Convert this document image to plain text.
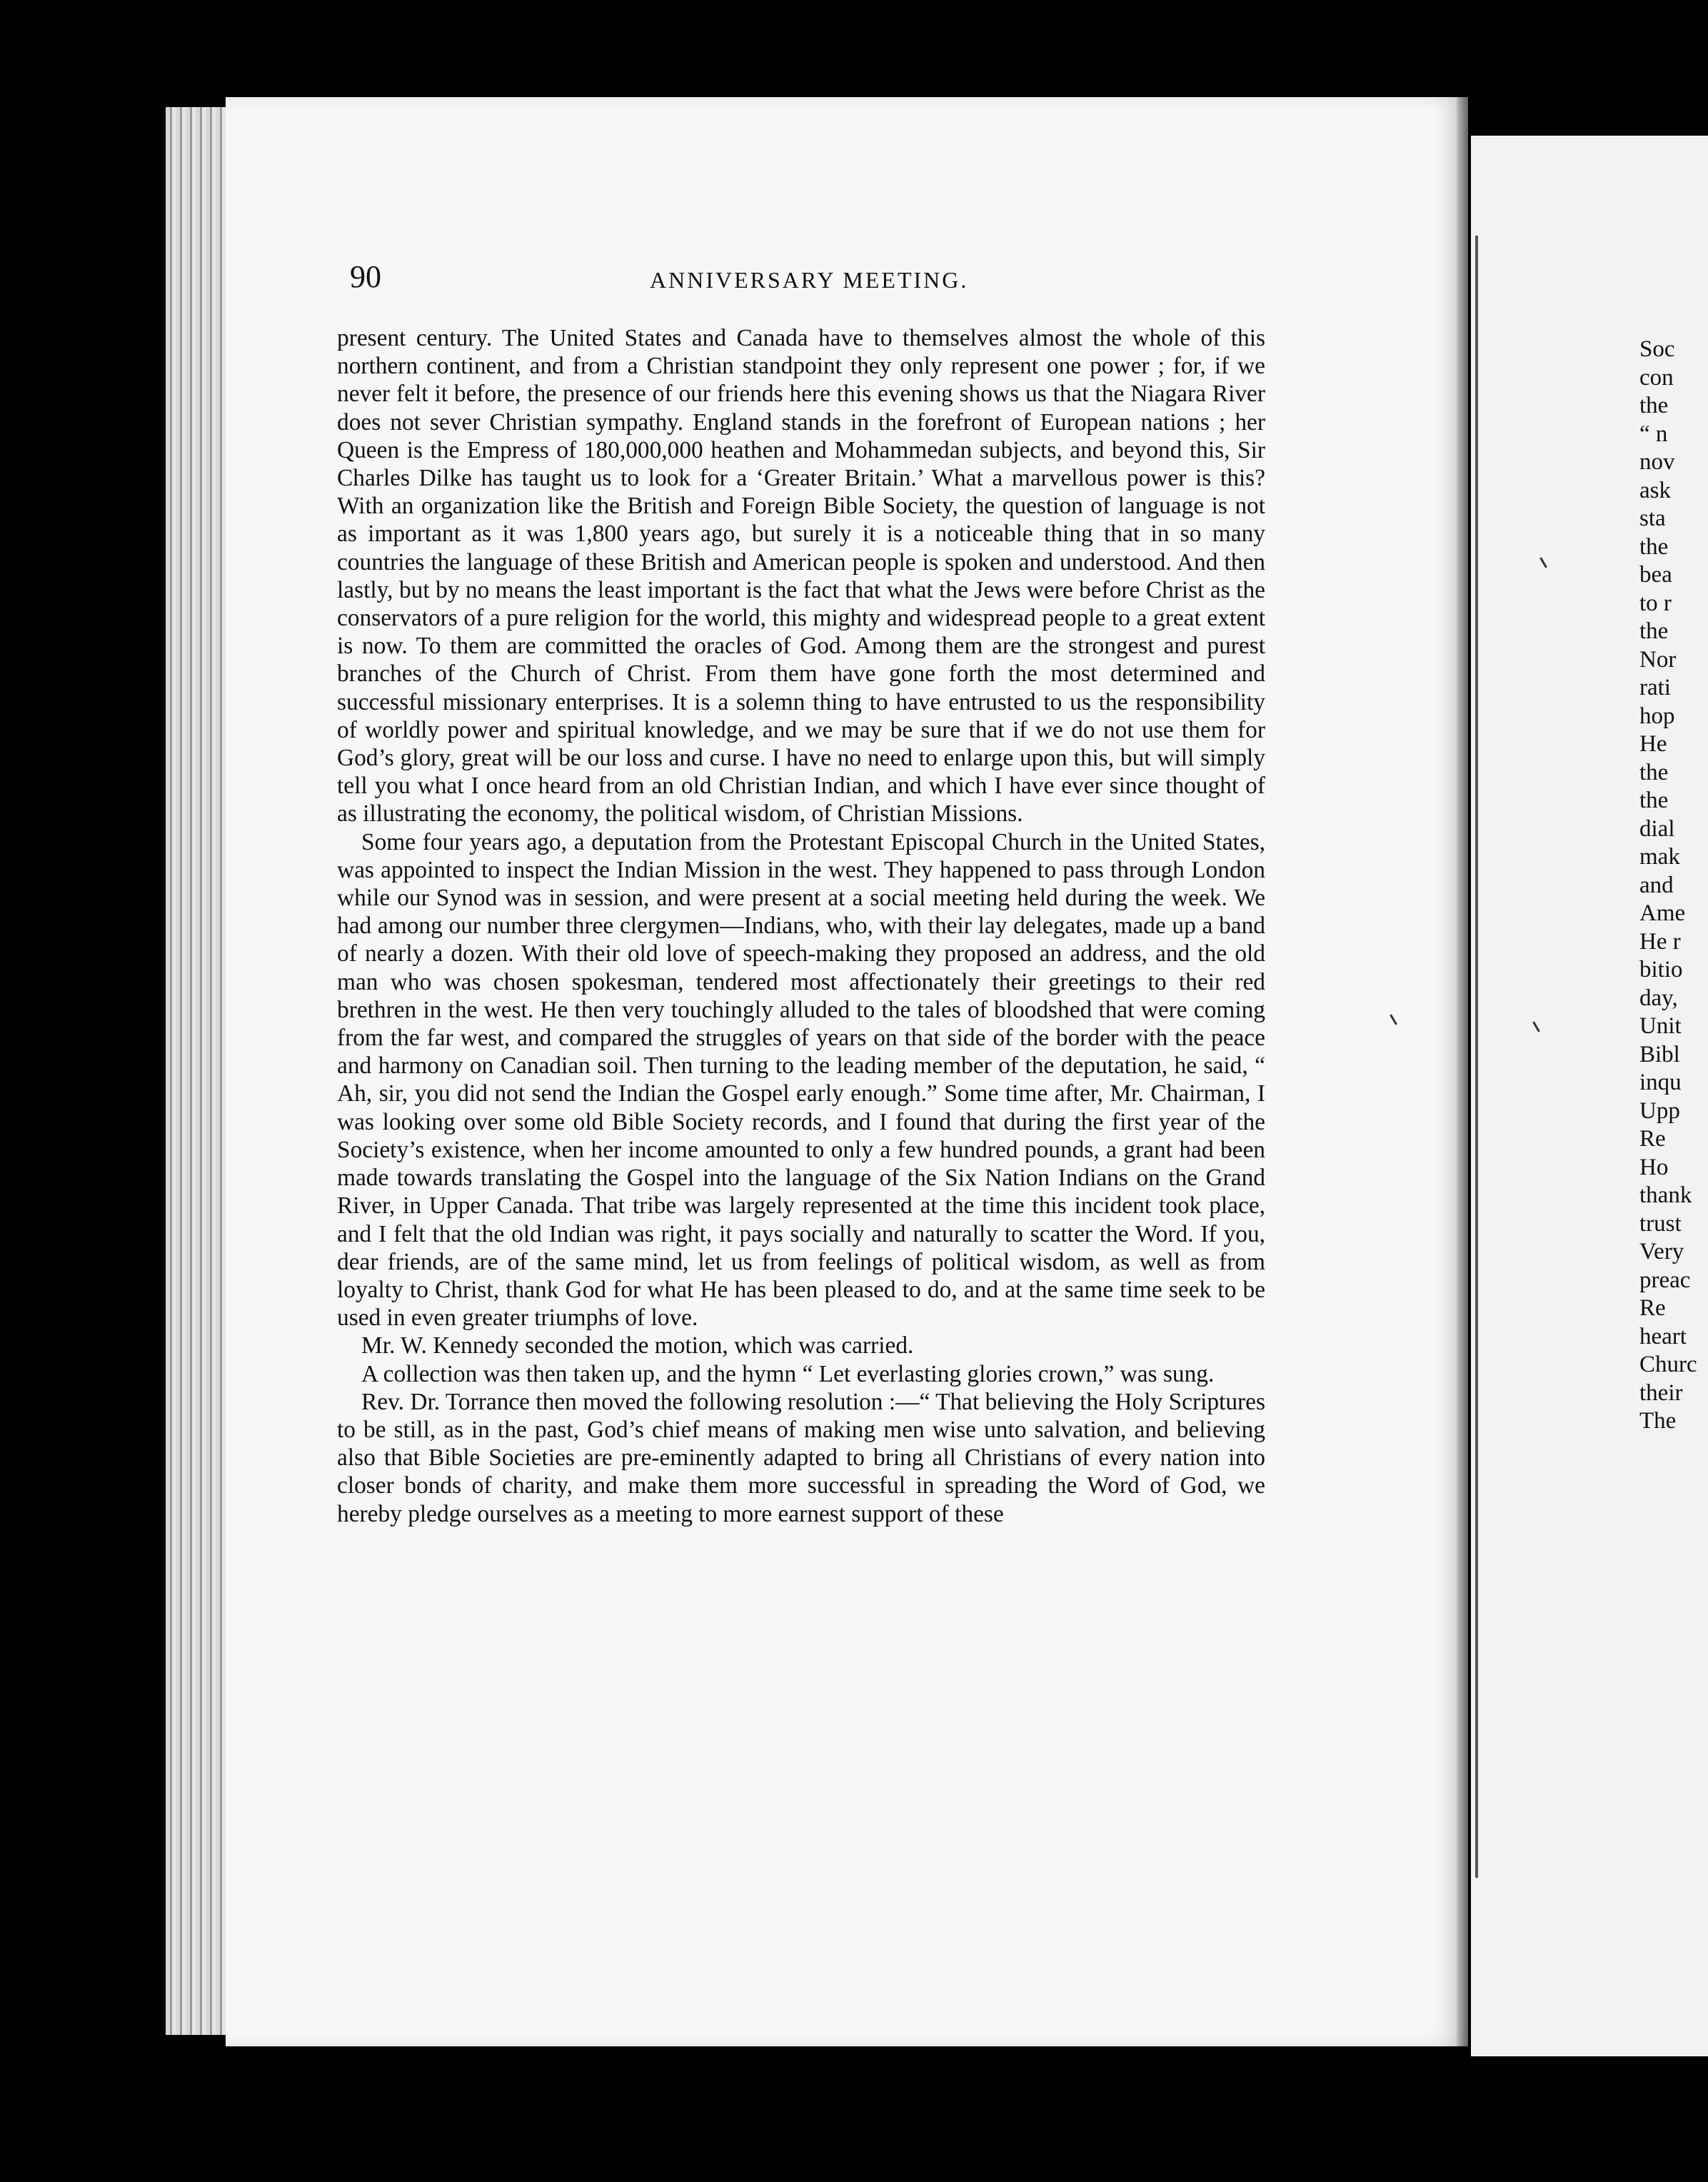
90	ANNIVERSARY MEETING.

present century. The United States and Canada have to themselves almost the whole of this northern continent, and from a Christian standpoint they only represent one power ; for, if we never felt it before, the presence of our friends here this evening shows us that the Niagara River does not sever Christian sympathy. England stands in the forefront of European nations ; her Queen is the Empress of 180,000,000 heathen and Mohammedan subjects, and beyond this, Sir Charles Dilke has taught us to look for a ‘Greater Britain.’ What a marvellous power is this? With an organization like the British and Foreign Bible Society, the question of language is not as important as it was 1,800 years ago, but surely it is a noticeable thing that in so many countries the language of these British and American people is spoken and understood. And then lastly, but by no means the least important is the fact that what the Jews were before Christ as the conservators of a pure religion for the world, this mighty and widespread people to a great extent is now. To them are committed the oracles of God. Among them are the strongest and purest branches of the Church of Christ. From them have gone forth the most determined and successful missionary enterprises. It is a solemn thing to have entrusted to us the responsibility of worldly power and spiritual knowledge, and we may be sure that if we do not use them for God’s glory, great will be our loss and curse. I have no need to enlarge upon this, but will simply tell you what I once heard from an old Christian Indian, and which I have ever since thought of as illustrating the economy, the political wisdom, of Christian Missions.

Some four years ago, a deputation from the Protestant Episcopal Church in the United States, was appointed to inspect the Indian Mission in the west. They happened to pass through London while our Synod was in session, and were present at a social meeting held during the week. We had among our number three clergymen—Indians, who, with their lay delegates, made up a band of nearly a dozen. With their old love of speech-making they proposed an address, and the old man who was chosen spokesman, tendered most affectionately their greetings to their red brethren in the west. He then very touchingly alluded to the tales of bloodshed that were coming from the far west, and compared the struggles of years on that side of the border with the peace and harmony on Canadian soil. Then turning to the leading member of the deputation, he said, “ Ah, sir, you did not send the Indian the Gospel early enough.” Some time after, Mr. Chairman, I was looking over some old Bible Society records, and I found that during the first year of the Society’s existence, when her income amounted to only a few hundred pounds, a grant had been made towards translating the Gospel into the language of the Six Nation Indians on the Grand River, in Upper Canada. That tribe was largely represented at the time this incident took place, and I felt that the old Indian was right, it pays socially and naturally to scatter the Word. If you, dear friends, are of the same mind, let us from feelings of political wisdom, as well as from loyalty to Christ, thank God for what He has been pleased to do, and at the same time seek to be used in even greater triumphs of love.

Mr. W. Kennedy seconded the motion, which was carried.

A collection was then taken up, and the hymn “ Let everlasting glories crown,” was sung.

Rev. Dr. Torrance then moved the following resolution :—“ That believing the Holy Scriptures to be still, as in the past, God’s chief means of making men wise unto salvation, and believing also that Bible Societies are pre-eminently adapted to bring all Christians of every nation into closer bonds of charity, and make them more successful in spreading the Word of God, we hereby pledge ourselves as a meeting to more earnest support of these

Soc
con
the
“ n
nov
ask
sta
the
bea
to r
the
Nor
rati
hop
He
the
the
dial
mak
and
Ame
He r
bitio
day,
Unit
Bibl
inqu
Upp
Re
Ho
thank
trust
Very
preac
Re
heart
Churc
their
The
